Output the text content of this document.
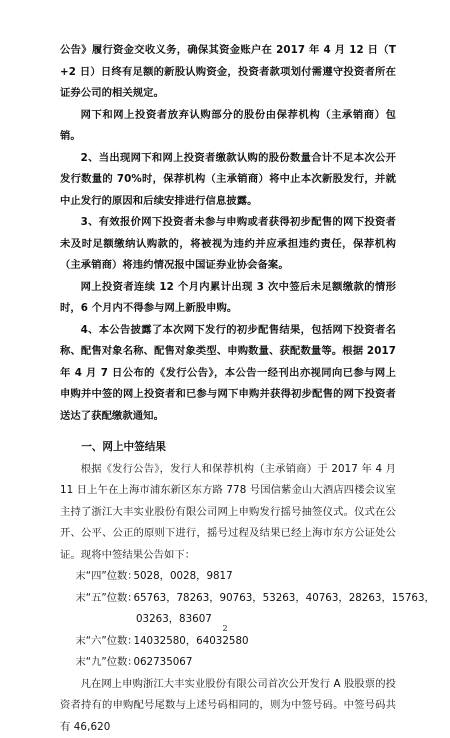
公告》履行资金交收义务，确保其资金账户在 2017 年 4 月 12 日（T+2 日）日终有足额的新股认购资金，投资者款项划付需遵守投资者所在证券公司的相关规定。

网下和网上投资者放弃认购部分的股份由保荐机构（主承销商）包销。

2、当出现网下和网上投资者缴款认购的股份数量合计不足本次公开发行数量的 70%时，保荐机构（主承销商）将中止本次新股发行，并就中止发行的原因和后续安排进行信息披露。

3、有效报价网下投资者未参与申购或者获得初步配售的网下投资者未及时足额缴纳认购款的，将被视为违约并应承担违约责任，保荐机构（主承销商）将违约情况报中国证券业协会备案。

网上投资者连续 12 个月内累计出现 3 次中签后未足额缴款的情形时，6 个月内不得参与网上新股申购。

4、本公告披露了本次网下发行的初步配售结果，包括网下投资者名称、配售对象名称、配售对象类型、申购数量、获配数量等。根据 2017 年 4 月 7 日公布的《发行公告》，本公告一经刊出亦视同向已参与网上申购并中签的网上投资者和已参与网下申购并获得初步配售的网下投资者送达了获配缴款通知。

一、网上中签结果

根据《发行公告》，发行人和保荐机构（主承销商）于 2017 年 4 月 11 日上午在上海市浦东新区东方路 778 号国信紫金山大酒店四楼会议室主持了浙江大丰实业股份有限公司网上申购发行摇号抽签仪式。仪式在公开、公平、公正的原则下进行，摇号过程及结果已经上海市东方公证处公证。现将中签结果公告如下：

末“四”位数：5028，0028，9817

末“五”位数：65763，78263，90763，53263，40763，28263，15763，

03263，83607

末“六”位数：14032580，64032580

末“九”位数：062735067

凡在网上申购浙江大丰实业股份有限公司首次公开发行 A 股股票的投资者持有的申购配号尾数与上述号码相同的，则为中签号码。中签号码共有 46,620

2
